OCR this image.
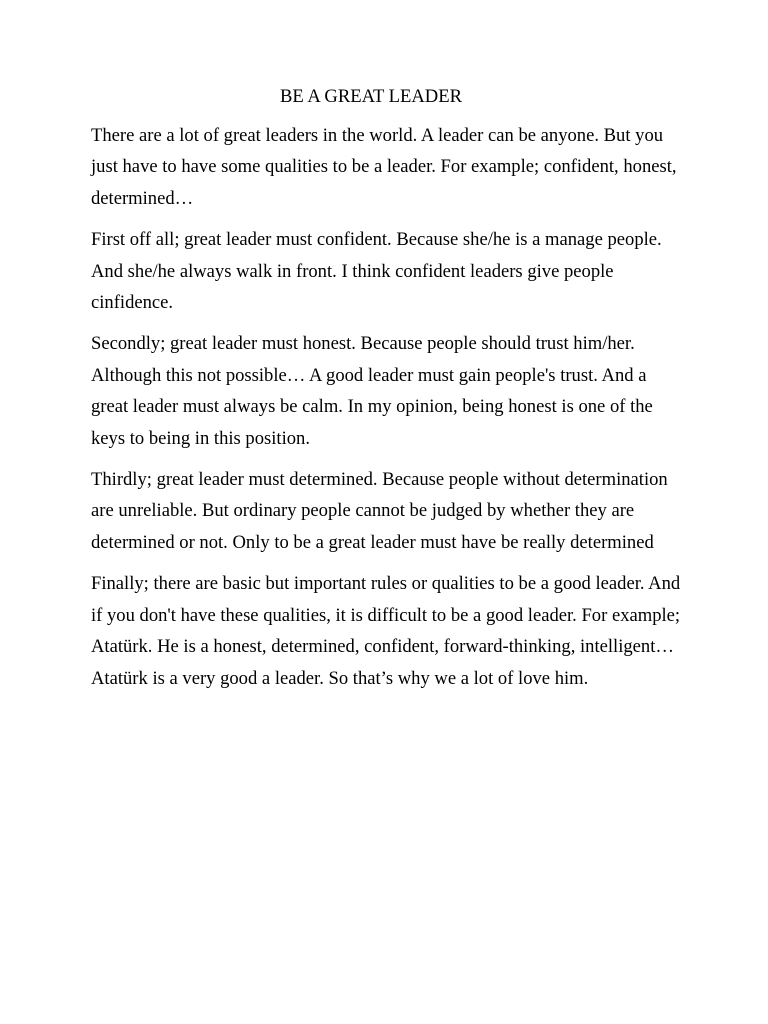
BE A GREAT LEADER

There are a lot of great leaders in the world. A leader can be anyone. But you just have to have some qualities to be a leader. For example; confident, honest, determined…

First off all; great leader must confident. Because she/he is a manage people. And she/he always walk in front. I think confident leaders give people cinfidence.

Secondly; great leader must honest. Because people should trust him/her. Although this not possible… A good leader must gain people's trust. And a great leader must always be calm. In my opinion, being honest is one of the keys to being in this position.

Thirdly; great leader must determined. Because people without determination are unreliable. But ordinary people cannot be judged by whether they are determined or not. Only to be a great leader must have be really determined

Finally; there are basic but important rules or qualities to be a good leader. And if you don't have these qualities, it is difficult to be a good leader. For example; Atatürk. He is a honest, determined, confident, forward-thinking, intelligent… Atatürk is a very good a leader. So that’s why we a lot of love him.
